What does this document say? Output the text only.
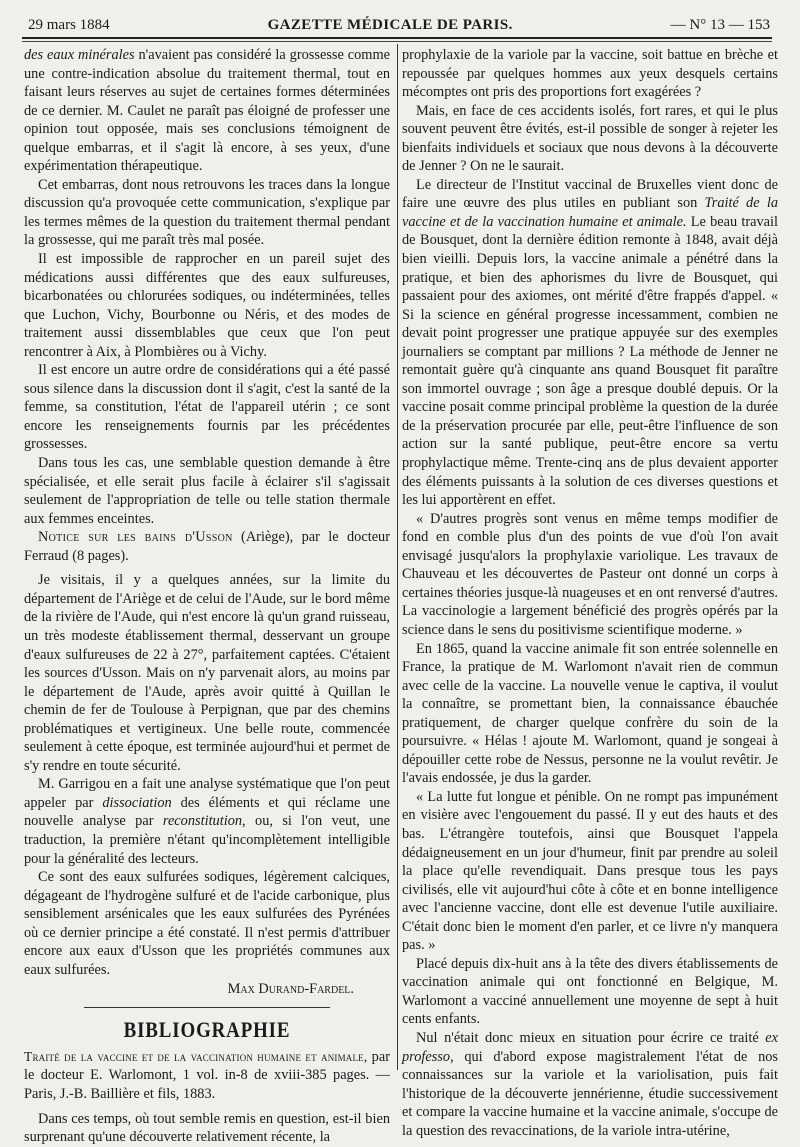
29 mars 1884	GAZETTE MÉDICALE DE PARIS.	— N° 13 — 153

des eaux minérales n'avaient pas considéré la grossesse comme une contre-indication absolue du traitement thermal, tout en faisant leurs réserves au sujet de certaines formes déterminées de ce dernier. M. Caulet ne paraît pas éloigné de professer une opinion tout opposée, mais ses conclusions témoignent de quelque embarras, et il s'agit là encore, à ses yeux, d'une expérimentation thérapeutique.

Cet embarras, dont nous retrouvons les traces dans la longue discussion qu'a provoquée cette communication, s'explique par les termes mêmes de la question du traitement thermal pendant la grossesse, qui me paraît très mal posée.

Il est impossible de rapprocher en un pareil sujet des médications aussi différentes que des eaux sulfureuses, bicarbonatées ou chlorurées sodiques, ou indéterminées, telles que Luchon, Vichy, Bourbonne ou Néris, et des modes de traitement aussi dissemblables que ceux que l'on peut rencontrer à Aix, à Plombières ou à Vichy.

Il est encore un autre ordre de considérations qui a été passé sous silence dans la discussion dont il s'agit, c'est la santé de la femme, sa constitution, l'état de l'appareil utérin ; ce sont encore les renseignements fournis par les précédentes grossesses.

Dans tous les cas, une semblable question demande à être spécialisée, et elle serait plus facile à éclairer s'il s'agissait seulement de l'appropriation de telle ou telle station thermale aux femmes enceintes.

Notice sur les bains d'Usson (Ariège), par le docteur Ferraud (8 pages).

Je visitais, il y a quelques années, sur la limite du département de l'Ariège et de celui de l'Aude, sur le bord même de la rivière de l'Aude, qui n'est encore là qu'un grand ruisseau, un très modeste établissement thermal, desservant un groupe d'eaux sulfureuses de 22 à 27°, parfaitement captées. C'étaient les sources d'Usson. Mais on n'y parvenait alors, au moins par le département de l'Aude, après avoir quitté à Quillan le chemin de fer de Toulouse à Perpignan, que par des chemins problématiques et vertigineux. Une belle route, commencée seulement à cette époque, est terminée aujourd'hui et permet de s'y rendre en toute sécurité.

M. Garrigou en a fait une analyse systématique que l'on peut appeler par dissociation des éléments et qui réclame une nouvelle analyse par reconstitution, ou, si l'on veut, une traduction, la première n'étant qu'incomplètement intelligible pour la généralité des lecteurs.

Ce sont des eaux sulfurées sodiques, légèrement calciques, dégageant de l'hydrogène sulfuré et de l'acide carbonique, plus sensiblement arsénicales que les eaux sulfurées des Pyrénées où ce dernier principe a été constaté. Il n'est permis d'attribuer encore aux eaux d'Usson que les propriétés communes aux eaux sulfurées.

Max Durand-Fardel.
BIBLIOGRAPHIE

Traité de la vaccine et de la vaccination humaine et animale, par le docteur E. Warlomont, 1 vol. in-8 de xviii-385 pages. — Paris, J.-B. Baillière et fils, 1883.

Dans ces temps, où tout semble remis en question, est-il bien surprenant qu'une découverte relativement récente, la

prophylaxie de la variole par la vaccine, soit battue en brèche et repoussée par quelques hommes aux yeux desquels certains mécomptes ont pris des proportions fort exagérées ?

Mais, en face de ces accidents isolés, fort rares, et qui le plus souvent peuvent être évités, est-il possible de songer à rejeter les bienfaits individuels et sociaux que nous devons à la découverte de Jenner ? On ne le saurait.

Le directeur de l'Institut vaccinal de Bruxelles vient donc de faire une œuvre des plus utiles en publiant son Traité de la vaccine et de la vaccination humaine et animale. Le beau travail de Bousquet, dont la dernière édition remonte à 1848, avait déjà bien vieilli. Depuis lors, la vaccine animale a pénétré dans la pratique, et bien des aphorismes du livre de Bousquet, qui passaient pour des axiomes, ont mérité d'être frappés d'appel. « Si la science en général progresse incessamment, combien ne devait point progresser une pratique appuyée sur des exemples journaliers se comptant par millions ? La méthode de Jenner ne remontait guère qu'à cinquante ans quand Bousquet fit paraître son immortel ouvrage ; son âge a presque doublé depuis. Or la vaccine posait comme principal problème la question de la durée de la préservation procurée par elle, peut-être l'influence de son action sur la santé publique, peut-être encore sa vertu prophylactique même. Trente-cinq ans de plus devaient apporter des éléments puissants à la solution de ces diverses questions et les lui apportèrent en effet.

« D'autres progrès sont venus en même temps modifier de fond en comble plus d'un des points de vue d'où l'on avait envisagé jusqu'alors la prophylaxie variolique. Les travaux de Chauveau et les découvertes de Pasteur ont donné un corps à certaines théories jusque-là nuageuses et en ont renversé d'autres. La vaccinologie a largement bénéficié des progrès opérés par la science dans le sens du positivisme scientifique moderne. »

En 1865, quand la vaccine animale fit son entrée solennelle en France, la pratique de M. Warlomont n'avait rien de commun avec celle de la vaccine. La nouvelle venue le captiva, il voulut la connaître, se promettant bien, la connaissance ébauchée pratiquement, de charger quelque confrère du soin de la poursuivre. « Hélas ! ajoute M. Warlomont, quand je songeai à dépouiller cette robe de Nessus, personne ne la voulut revêtir. Je l'avais endossée, je dus la garder.

« La lutte fut longue et pénible. On ne rompt pas impunément en visière avec l'engouement du passé. Il y eut des hauts et des bas. L'étrangère toutefois, ainsi que Bousquet l'appela dédaigneusement en un jour d'humeur, finit par prendre au soleil la place qu'elle revendiquait. Dans presque tous les pays civilisés, elle vit aujourd'hui côte à côte et en bonne intelligence avec l'ancienne vaccine, dont elle est devenue l'utile auxiliaire. C'était donc bien le moment d'en parler, et ce livre n'y manquera pas. »

Placé depuis dix-huit ans à la tête des divers établissements de vaccination animale qui ont fonctionné en Belgique, M. Warlomont a vacciné annuellement une moyenne de sept à huit cents enfants.

Nul n'était donc mieux en situation pour écrire ce traité ex professo, qui d'abord expose magistralement l'état de nos connaissances sur la variole et la variolisation, puis fait l'historique de la découverte jennérienne, étudie successivement et compare la vaccine humaine et la vaccine animale, s'occupe de la question des revaccinations, de la variole intra-utérine,
